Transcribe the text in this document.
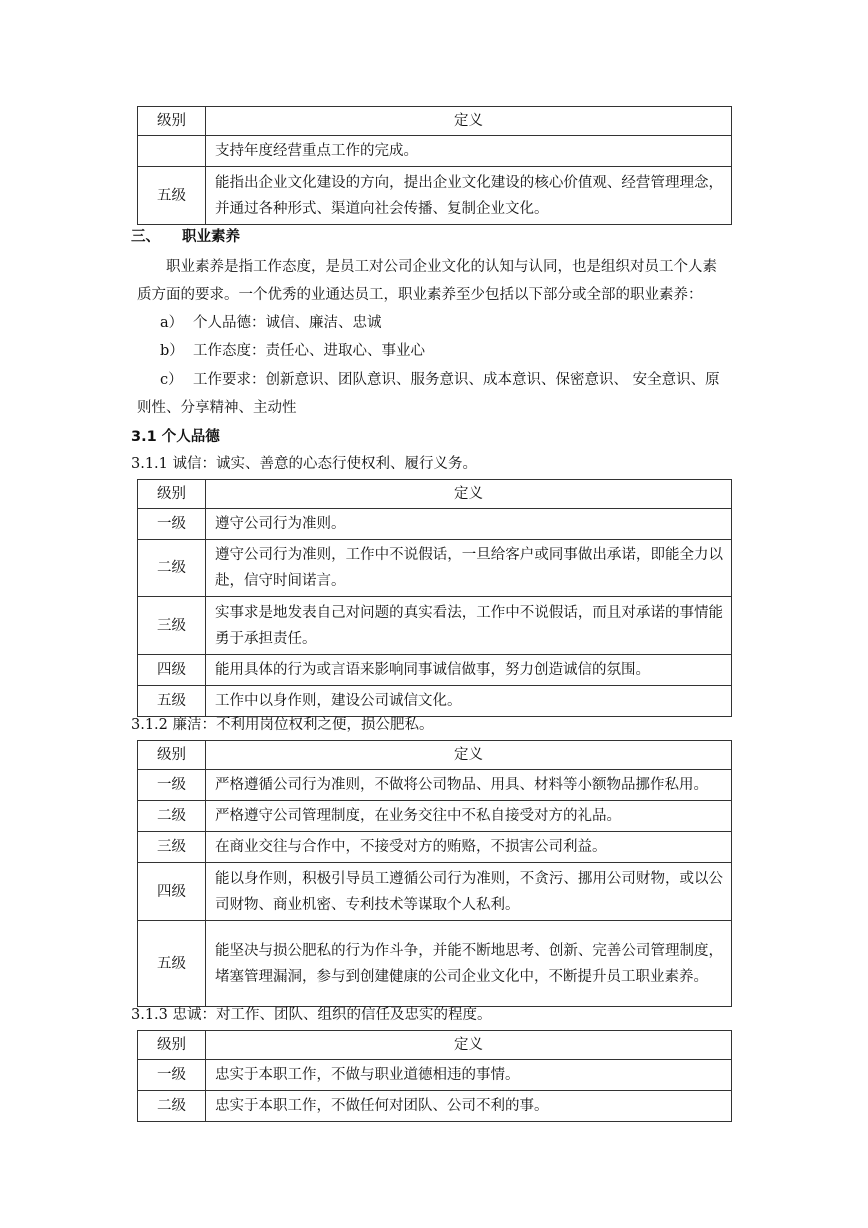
级别	定义
	支持年度经营重点工作的完成。
五级	能指出企业文化建设的方向，提出企业文化建设的核心价值观、经营管理理念，并通过各种形式、渠道向社会传播、复制企业文化。
三、 职业素养
职业素养是指工作态度，是员工对公司企业文化的认知与认同，也是组织对员工个人素质方面的要求。一个优秀的业通达员工，职业素养至少包括以下部分或全部的职业素养：
a） 个人品德：诚信、廉洁、忠诚
b） 工作态度：责任心、进取心、事业心
c） 工作要求：创新意识、团队意识、服务意识、成本意识、保密意识、 安全意识、原则性、分享精神、主动性
3.1 个人品德
3.1.1 诚信：诚实、善意的心态行使权利、履行义务。
级别	定义
一级	遵守公司行为准则。
二级	遵守公司行为准则，工作中不说假话，一旦给客户或同事做出承诺，即能全力以赴，信守时间诺言。
三级	实事求是地发表自己对问题的真实看法，工作中不说假话，而且对承诺的事情能勇于承担责任。
四级	能用具体的行为或言语来影响同事诚信做事，努力创造诚信的氛围。
五级	工作中以身作则，建设公司诚信文化。
3.1.2 廉洁：不利用岗位权利之便，损公肥私。
级别	定义
一级	严格遵循公司行为准则，不做将公司物品、用具、材料等小额物品挪作私用。
二级	严格遵守公司管理制度，在业务交往中不私自接受对方的礼品。
三级	在商业交往与合作中，不接受对方的贿赂，不损害公司利益。
四级	能以身作则，积极引导员工遵循公司行为准则，不贪污、挪用公司财物，或以公司财物、商业机密、专利技术等谋取个人私利。
五级	能坚决与损公肥私的行为作斗争，并能不断地思考、创新、完善公司管理制度，堵塞管理漏洞，参与到创建健康的公司企业文化中，不断提升员工职业素养。
3.1.3 忠诚：对工作、团队、组织的信任及忠实的程度。
级别	定义
一级	忠实于本职工作，不做与职业道德相违的事情。
二级	忠实于本职工作，不做任何对团队、公司不利的事。
